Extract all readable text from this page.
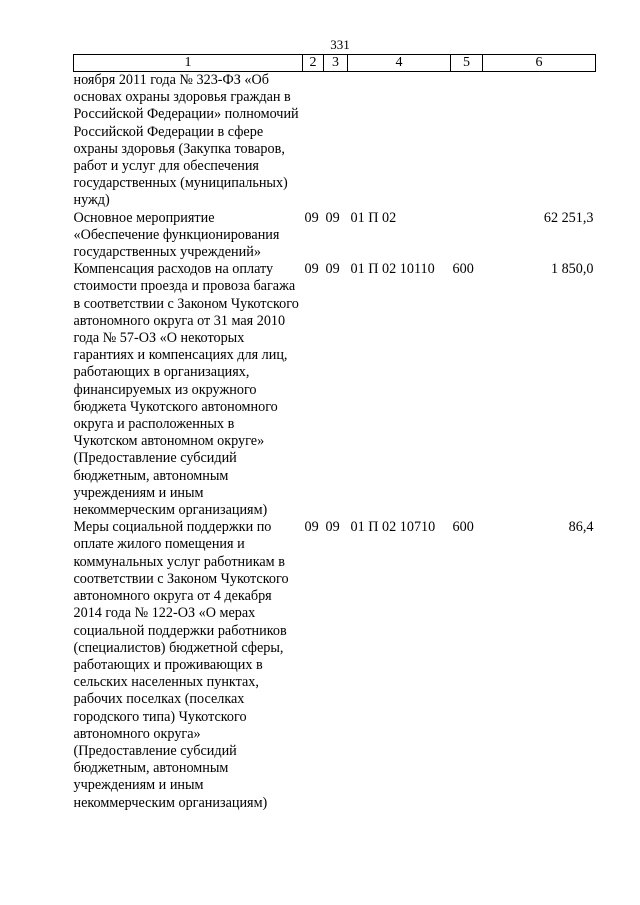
331
1	2	3	4	5	6
ноября 2011 года № 323-ФЗ «Об основах охраны здоровья граждан в Российской Федерации» полномочий Российской Федерации в сфере охраны здоровья (Закупка товаров, работ и услуг для обеспечения государственных (муниципальных) нужд)					
Основное мероприятие «Обеспечение функционирования государственных учреждений»	09	09	01 П 02		62 251,3
Компенсация расходов на оплату стоимости проезда и провоза багажа в соответствии с Законом Чукотского автономного округа от 31 мая 2010 года № 57-ОЗ «О некоторых гарантиях и компенсациях для лиц, работающих в организациях, финансируемых из окружного бюджета Чукотского автономного округа и расположенных в Чукотском автономном округе» (Предоставление субсидий бюджетным, автономным учреждениям и иным некоммерческим организациям)	09	09	01 П 02 10110	600	1 850,0
Меры социальной поддержки по оплате жилого помещения и коммунальных услуг работникам в соответствии с Законом Чукотского автономного округа от 4 декабря 2014 года № 122-ОЗ «О мерах социальной поддержки работников (специалистов) бюджетной сферы, работающих и проживающих в сельских населенных пунктах, рабочих поселках (поселках городского типа) Чукотского автономного округа» (Предоставление субсидий бюджетным, автономным учреждениям и иным некоммерческим организациям)	09	09	01 П 02 10710	600	86,4
